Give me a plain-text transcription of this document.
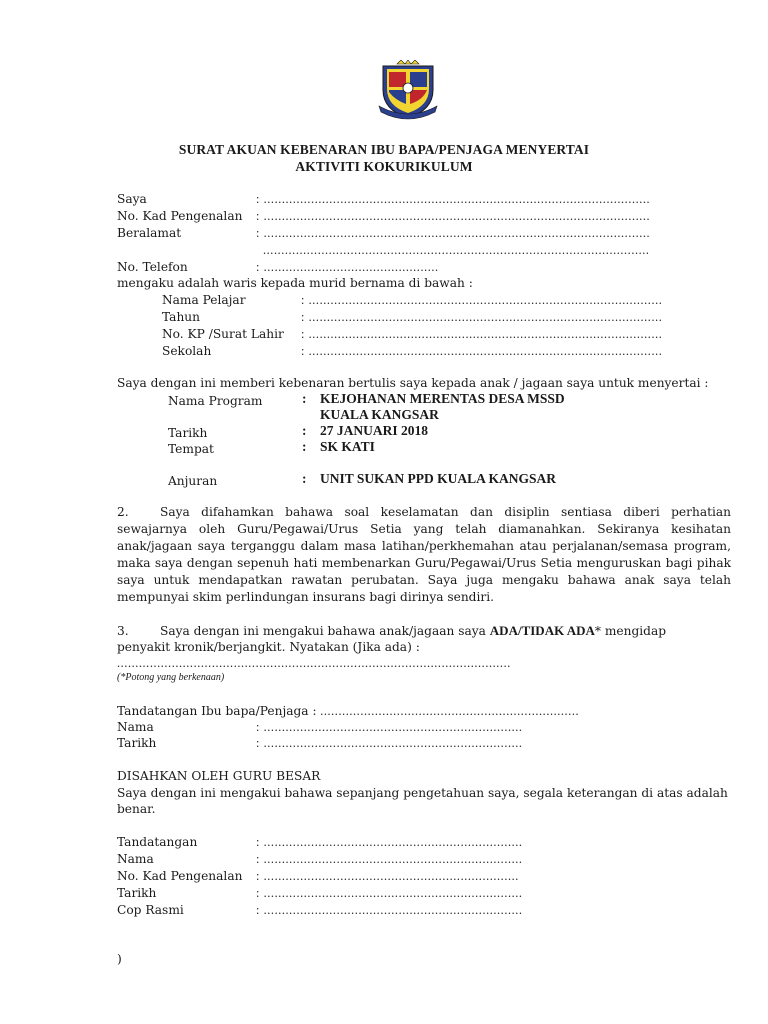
SURAT AKUAN KEBENARAN IBU BAPA/PENJAGA MENYERTAI
AKTIVITI KOKURIKULUM
Saya	: ..........................................................................................................
No. Kad Pengenalan : ..........................................................................................................
Beralamat	: ..........................................................................................................
..........................................................................................................
No. Telefon	: ................................................
mengaku adalah waris kepada murid bernama di bawah :
Nama Pelajar	: .................................................................................................
Tahun	: .................................................................................................
No. KP /Surat Lahir : .................................................................................................
Sekolah	: .................................................................................................
Saya dengan ini memberi kebenaran bertulis saya kepada anak / jagaan saya untuk menyertai :
Nama Program	: KEJOHANAN MERENTAS DESA MSSD
KUALA KANGSAR
Tarikh	: 27 JANUARI 2018
Tempat	: SK KATI
Anjuran	: UNIT SUKAN PPD KUALA KANGSAR

2.	Saya difahamkan bahawa soal keselamatan dan disiplin sentiasa diberi perhatian sewajarnya oleh Guru/Pegawai/Urus Setia yang telah diamanahkan. Sekiranya kesihatan anak/jagaan saya terganggu dalam masa latihan/perkhemahan atau perjalanan/semasa program, maka saya dengan sepenuh hati membenarkan Guru/Pegawai/Urus Setia menguruskan bagi pihak saya untuk mendapatkan rawatan perubatan. Saya juga mengaku bahawa anak saya telah mempunyai skim perlindungan insurans bagi dirinya sendiri.

3.	Saya dengan ini mengakui bahawa anak/jagaan saya ADA/TIDAK ADA* mengidap
penyakit kronik/berjangkit. Nyatakan (Jika ada) :
............................................................................................................
(*Potong yang berkenaan)
Tandatangan Ibu bapa/Penjaga : .......................................................................
Nama	: .......................................................................
Tarikh	: .......................................................................
DISAHKAN OLEH GURU BESAR
Saya dengan ini mengakui bahawa sepanjang pengetahuan saya, segala keterangan di atas adalah
benar.
Tandatangan	: .......................................................................
Nama	: .......................................................................
No. Kad Pengenalan : ......................................................................
Tarikh	: .......................................................................
Cop Rasmi	: .......................................................................
)
